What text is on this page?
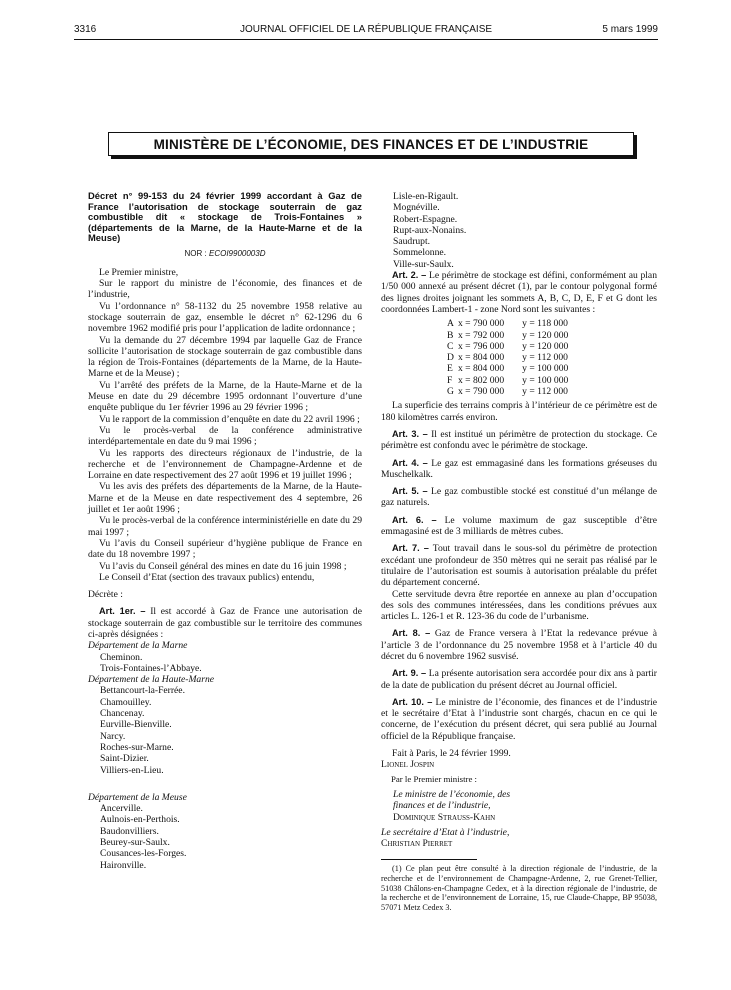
3316	JOURNAL OFFICIEL DE LA RÉPUBLIQUE FRANÇAISE	5 mars 1999
MINISTÈRE DE L’ÉCONOMIE, DES FINANCES ET DE L’INDUSTRIE

Décret n° 99-153 du 24 février 1999 accordant à Gaz de France l’autorisation de stockage souterrain de gaz combustible dit « stockage de Trois-Fontaines » (départements de la Marne, de la Haute-Marne et de la Meuse)

NOR : ECOI9900003D

Le Premier ministre,

Sur le rapport du ministre de l’économie, des finances et de l’industrie,

Vu l’ordonnance n° 58-1132 du 25 novembre 1958 relative au stockage souterrain de gaz, ensemble le décret n° 62-1296 du 6 novembre 1962 modifié pris pour l’application de ladite ordonnance ;

Vu la demande du 27 décembre 1994 par laquelle Gaz de France sollicite l’autorisation de stockage souterrain de gaz combustible dans la région de Trois-Fontaines (départements de la Marne, de la Haute-Marne et de la Meuse) ;

Vu l’arrêté des préfets de la Marne, de la Haute-Marne et de la Meuse en date du 29 décembre 1995 ordonnant l’ouverture d’une enquête publique du 1er février 1996 au 29 février 1996 ;

Vu le rapport de la commission d’enquête en date du 22 avril 1996 ;

Vu le procès-verbal de la conférence administrative interdépartementale en date du 9 mai 1996 ;

Vu les rapports des directeurs régionaux de l’industrie, de la recherche et de l’environnement de Champagne-Ardenne et de Lorraine en date respectivement des 27 août 1996 et 19 juillet 1996 ;

Vu les avis des préfets des départements de la Marne, de la Haute-Marne et de la Meuse en date respectivement des 4 septembre, 26 juillet et 1er août 1996 ;

Vu le procès-verbal de la conférence interministérielle en date du 29 mai 1997 ;

Vu l’avis du Conseil supérieur d’hygiène publique de France en date du 18 novembre 1997 ;

Vu l’avis du Conseil général des mines en date du 16 juin 1998 ;

Le Conseil d’Etat (section des travaux publics) entendu,

Décrète :

Art. 1er. – Il est accordé à Gaz de France une autorisation de stockage souterrain de gaz combustible sur le territoire des communes ci-après désignées :

Département de la Marne

Cheminon.
Trois-Fontaines-l’Abbaye.

Département de la Haute-Marne

Bettancourt-la-Ferrée.
Chamouilley.
Chancenay.
Eurville-Bienville.
Narcy.
Roches-sur-Marne.
Saint-Dizier.
Villiers-en-Lieu.

Département de la Meuse

Ancerville.
Aulnois-en-Perthois.
Baudonvilliers.
Beurey-sur-Saulx.
Cousances-les-Forges.
Haironville.
Lisle-en-Rigault.
Mognéville.
Robert-Espagne.
Rupt-aux-Nonains.
Saudrupt.
Sommelonne.
Ville-sur-Saulx.

Art. 2. – Le périmètre de stockage est défini, conformément au plan 1/50 000 annexé au présent décret (1), par le contour polygonal formé des lignes droites joignant les sommets A, B, C, D, E, F et G dont les coordonnées Lambert-1 - zone Nord sont les suivantes :

A	x = 790 000	y = 118 000
B	x = 792 000	y = 120 000
C	x = 796 000	y = 120 000
D	x = 804 000	y = 112 000
E	x = 804 000	y = 100 000
F	x = 802 000	y = 100 000
G	x = 790 000	y = 112 000

La superficie des terrains compris à l’intérieur de ce périmètre est de 180 kilomètres carrés environ.

Art. 3. – Il est institué un périmètre de protection du stockage. Ce périmètre est confondu avec le périmètre de stockage.

Art. 4. – Le gaz est emmagasiné dans les formations gréseuses du Muschelkalk.

Art. 5. – Le gaz combustible stocké est constitué d’un mélange de gaz naturels.

Art. 6. – Le volume maximum de gaz susceptible d’être emmagasiné est de 3 milliards de mètres cubes.

Art. 7. – Tout travail dans le sous-sol du périmètre de protection excédant une profondeur de 350 mètres qui ne serait pas réalisé par le titulaire de l’autorisation est soumis à autorisation préalable du préfet du département concerné.

Cette servitude devra être reportée en annexe au plan d’occupation des sols des communes intéressées, dans les conditions prévues aux articles L. 126-1 et R. 123-36 du code de l’urbanisme.

Art. 8. – Gaz de France versera à l’Etat la redevance prévue à l’article 3 de l’ordonnance du 25 novembre 1958 et à l’article 40 du décret du 6 novembre 1962 susvisé.

Art. 9. – La présente autorisation sera accordée pour dix ans à partir de la date de publication du présent décret au Journal officiel.

Art. 10. – Le ministre de l’économie, des finances et de l’industrie et le secrétaire d’Etat à l’industrie sont chargés, chacun en ce qui le concerne, de l’exécution du présent décret, qui sera publié au Journal officiel de la République française.

Fait à Paris, le 24 février 1999.

Lionel Jospin

Par le Premier ministre :

Le ministre de l’économie, des finances et de l’industrie,

Dominique Strauss-Kahn

Le secrétaire d’Etat à l’industrie,

Christian Pierret

(1) Ce plan peut être consulté à la direction régionale de l’industrie, de la recherche et de l’environnement de Champagne-Ardenne, 2, rue Grenet-Tellier, 51038 Châlons-en-Champagne Cedex, et à la direction régionale de l’industrie, de la recherche et de l’environnement de Lorraine, 15, rue Claude-Chappe, BP 95038, 57071 Metz Cedex 3.
